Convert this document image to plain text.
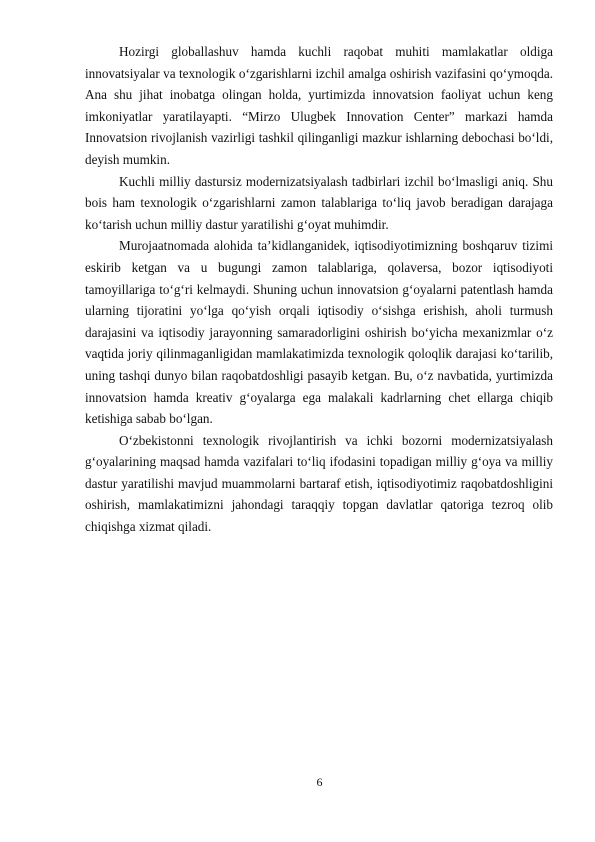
Hozirgi globallashuv hamda kuchli raqobat muhiti mamlakatlar oldiga innovatsiyalar va texnologik o‘zgarishlarni izchil amalga oshirish vazifasini qo‘ymoqda. Ana shu jihat inobatga olingan holda, yurtimizda innovatsion faoliyat uchun keng imkoniyatlar yaratilayapti. “Mirzo Ulugbek Innovation Center” markazi hamda Innovatsion rivojlanish vazirligi tashkil qilinganligi mazkur ishlarning debochasi bo‘ldi, deyish mumkin.

Kuchli milliy dastursiz modernizatsiyalash tadbirlari izchil bo‘lmasligi aniq. Shu bois ham texnologik o‘zgarishlarni zamon talablariga to‘liq javob beradigan darajaga ko‘tarish uchun milliy dastur yaratilishi g‘oyat muhimdir.

Murojaatnomada alohida ta’kidlanganidek, iqtisodiyotimizning boshqaruv tizimi eskirib ketgan va u bugungi zamon talablariga, qolaversa, bozor iqtisodiyoti tamoyillariga to‘g‘ri kelmaydi. Shuning uchun innovatsion g‘oyalarni patentlash hamda ularning tijoratini yo‘lga qo‘yish orqali iqtisodiy o‘sishga erishish, aholi turmush darajasini va iqtisodiy jarayonning samaradorligini oshirish bo‘yicha mexanizmlar o‘z vaqtida joriy qilinmaganligidan mamlakatimizda texnologik qoloqlik darajasi ko‘tarilib, uning tashqi dunyo bilan raqobatdoshligi pasayib ketgan. Bu, o‘z navbatida, yurtimizda innovatsion hamda kreativ g‘oyalarga ega malakali kadrlarning chet ellarga chiqib ketishiga sabab bo‘lgan.

O‘zbekistonni texnologik rivojlantirish va ichki bozorni modernizatsiyalash g‘oyalarining maqsad hamda vazifalari to‘liq ifodasini topadigan milliy g‘oya va milliy dastur yaratilishi mavjud muammolarni bartaraf etish, iqtisodiyotimiz raqobatdoshligini oshirish, mamlakatimizni jahondagi taraqqiy topgan davlatlar qatoriga tezroq olib chiqishga xizmat qiladi.

6
